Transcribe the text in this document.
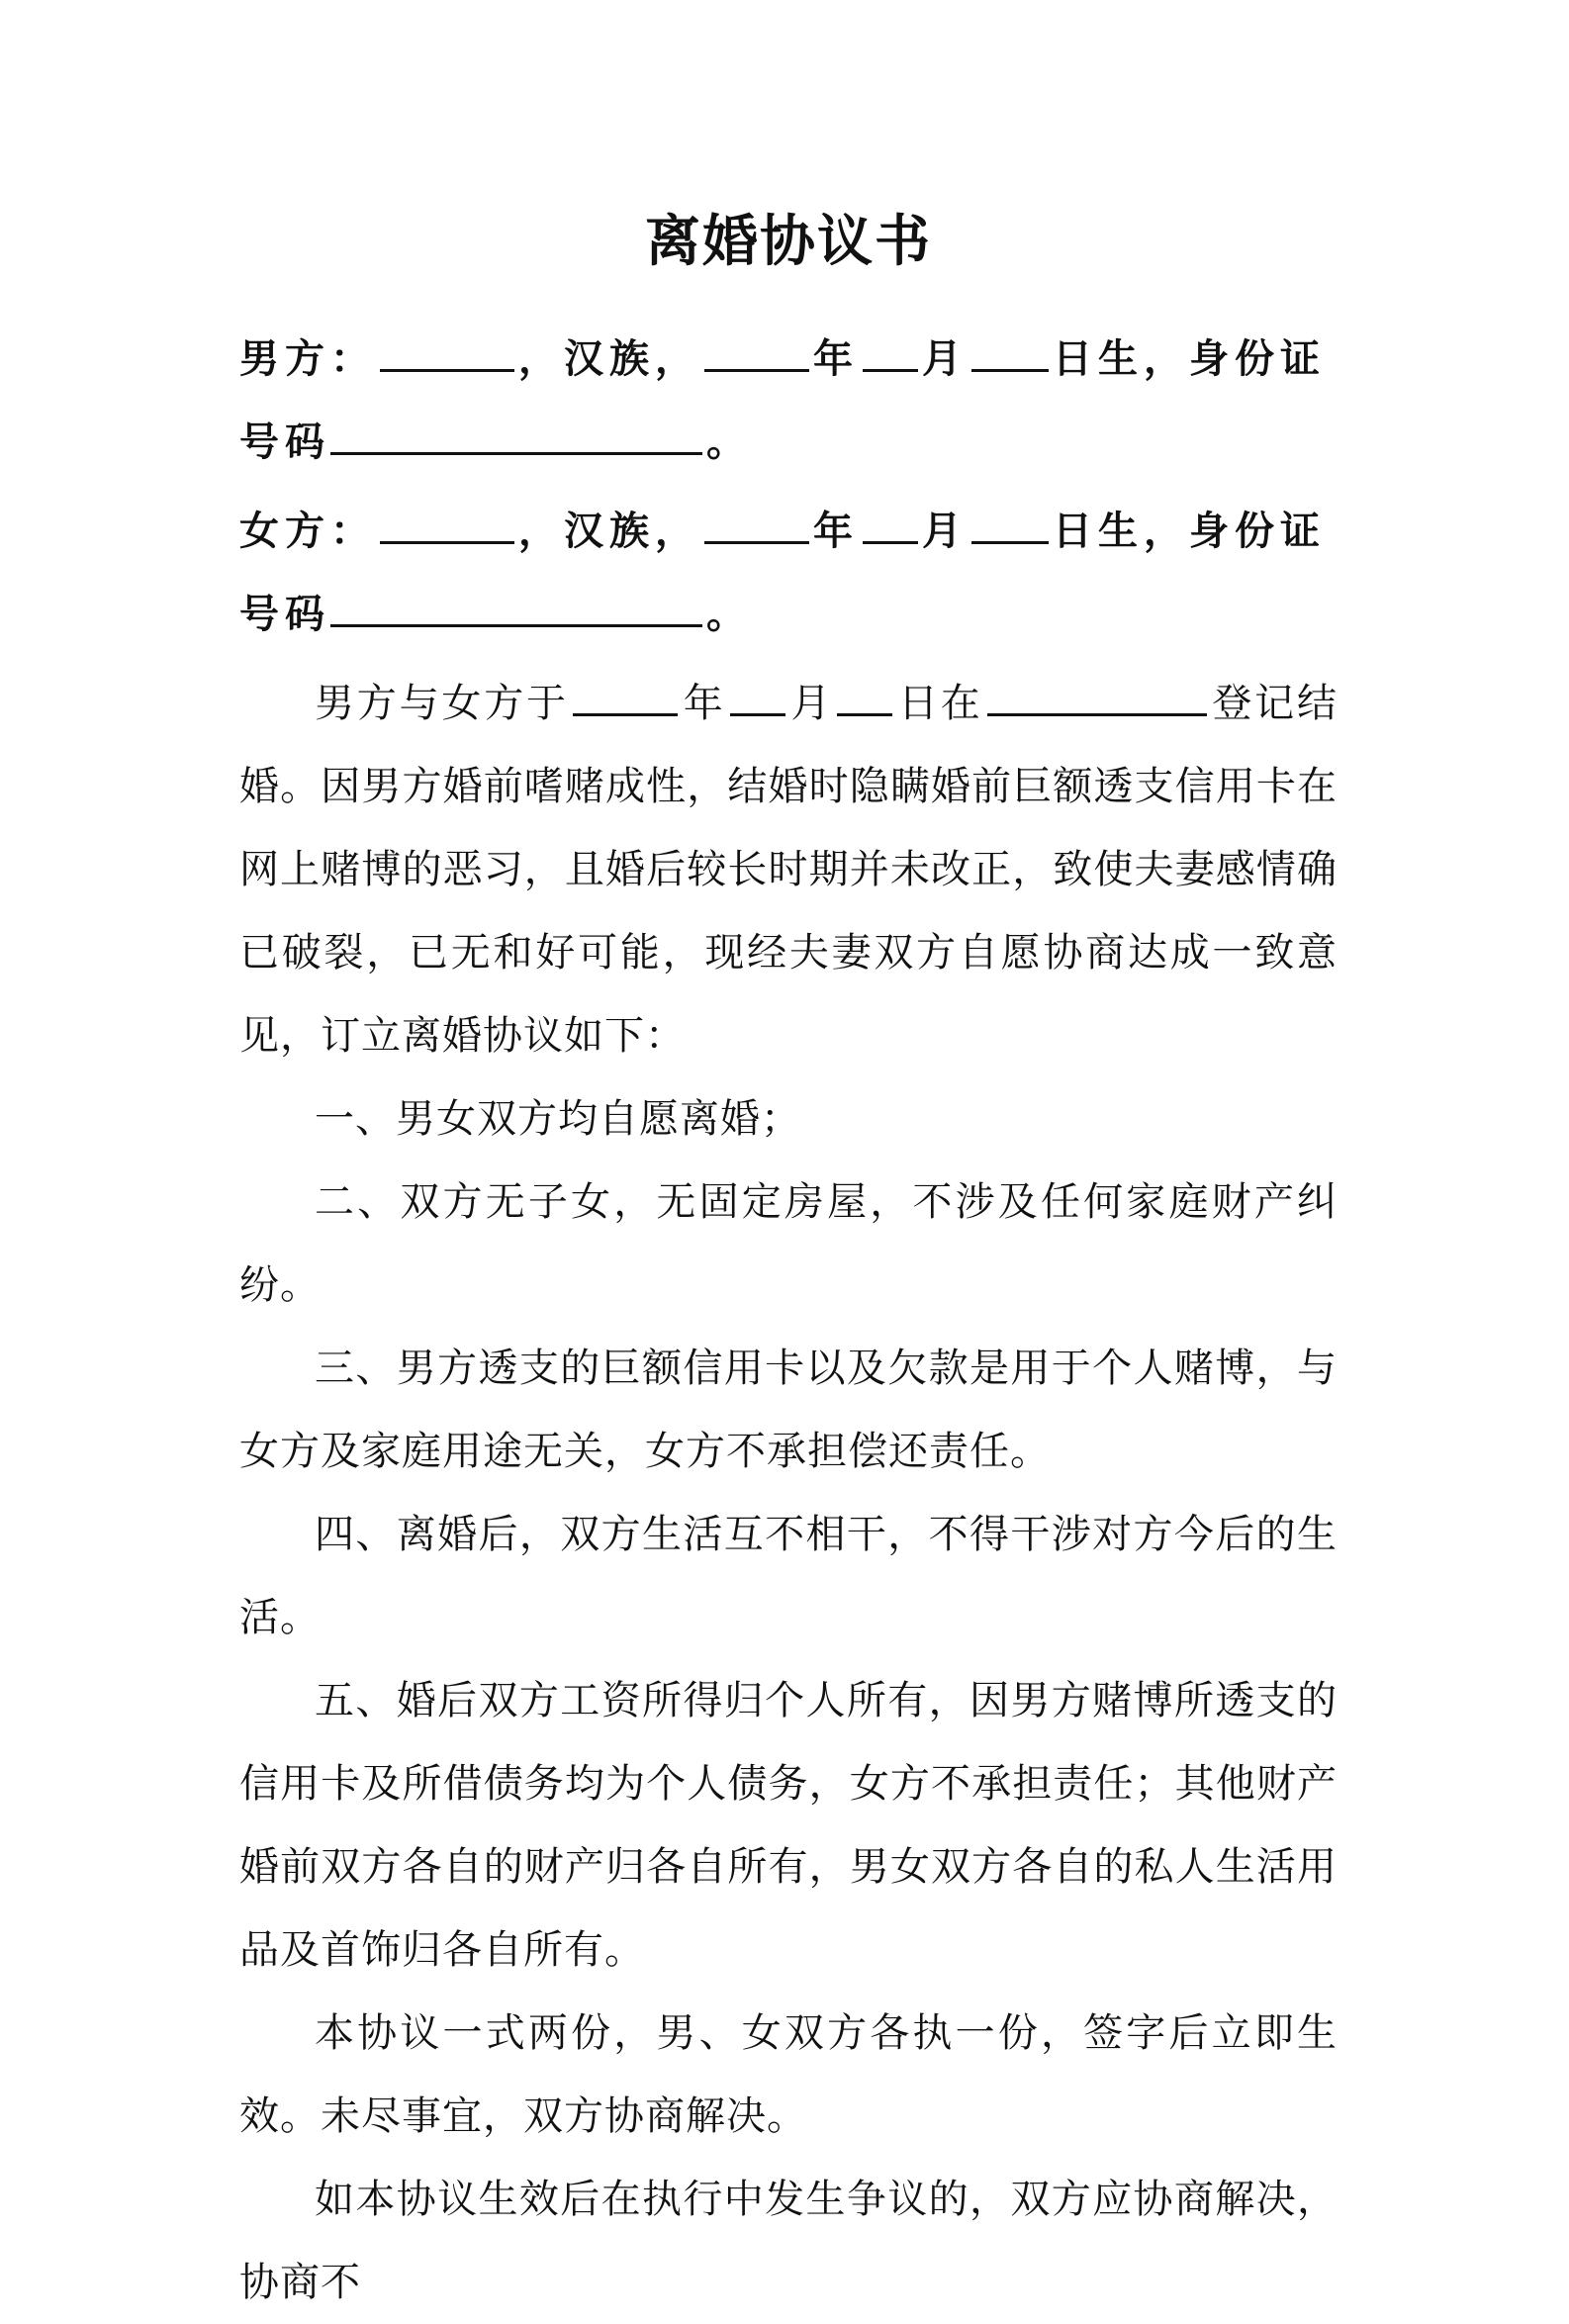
离婚协议书

男方：	，汉族，	年 月 日生，身份证号码	。

女方：	，汉族，	年 月 日生，身份证号码	。

男方与女方于	年 月 日在	登记结婚。因男方婚前嗜赌成性，结婚时隐瞒婚前巨额透支信用卡在网上赌博的恶习，且婚后较长时期并未改正，致使夫妻感情确已破裂，已无和好可能，现经夫妻双方自愿协商达成一致意见，订立离婚协议如下：

一、男女双方均自愿离婚；

二、双方无子女，无固定房屋，不涉及任何家庭财产纠纷。

三、男方透支的巨额信用卡以及欠款是用于个人赌博，与女方及家庭用途无关，女方不承担偿还责任。

四、离婚后，双方生活互不相干，不得干涉对方今后的生活。

五、婚后双方工资所得归个人所有，因男方赌博所透支的信用卡及所借债务均为个人债务，女方不承担责任；其他财产婚前双方各自的财产归各自所有，男女双方各自的私人生活用品及首饰归各自所有。

本协议一式两份，男、女双方各执一份，签字后立即生效。未尽事宜，双方协商解决。

如本协议生效后在执行中发生争议的，双方应协商解决，协商不
